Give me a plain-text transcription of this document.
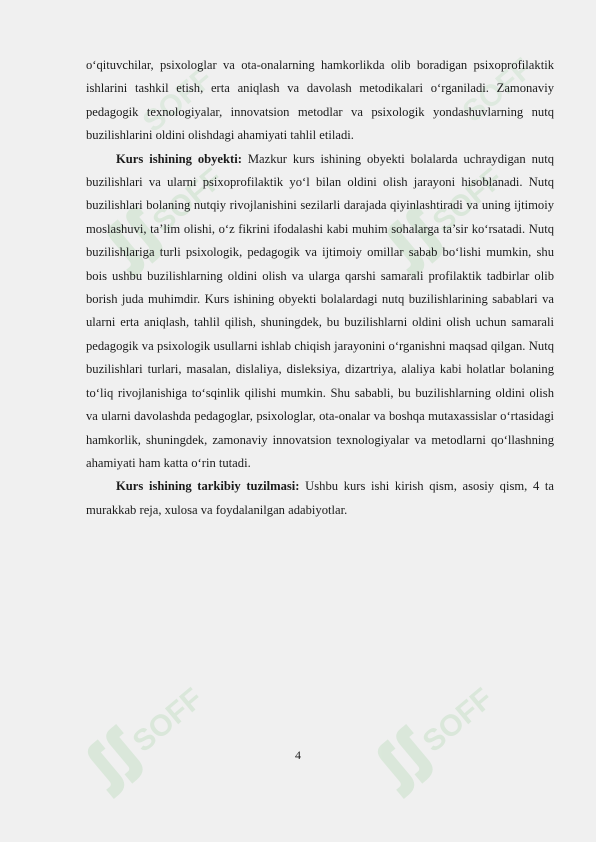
SOFF	SOFF
SOFF	SOFF
SOFF	SOFF

o‘qituvchilar, psixologlar va ota-onalarning hamkorlikda olib boradigan psixoprofilaktik ishlarini tashkil etish, erta aniqlash va davolash metodikalari o‘rganiladi. Zamonaviy pedagogik texnologiyalar, innovatsion metodlar va psixologik yondashuvlarning nutq buzilishlarini oldini olishdagi ahamiyati tahlil etiladi.

Kurs ishining obyekti: Mazkur kurs ishining obyekti bolalarda uchraydigan nutq buzilishlari va ularni psixoprofilaktik yo‘l bilan oldini olish jarayoni hisoblanadi. Nutq buzilishlari bolaning nutqiy rivojlanishini sezilarli darajada qiyinlashtiradi va uning ijtimoiy moslashuvi, ta’lim olishi, o‘z fikrini ifodalashi kabi muhim sohalarga ta’sir ko‘rsatadi. Nutq buzilishlariga turli psixologik, pedagogik va ijtimoiy omillar sabab bo‘lishi mumkin, shu bois ushbu buzilishlarning oldini olish va ularga qarshi samarali profilaktik tadbirlar olib borish juda muhimdir. Kurs ishining obyekti bolalardagi nutq buzilishlarining sabablari va ularni erta aniqlash, tahlil qilish, shuningdek, bu buzilishlarni oldini olish uchun samarali pedagogik va psixologik usullarni ishlab chiqish jarayonini o‘rganishni maqsad qilgan. Nutq buzilishlari turlari, masalan, dislaliya, disleksiya, dizartriya, alaliya kabi holatlar bolaning to‘liq rivojlanishiga to‘sqinlik qilishi mumkin. Shu sababli, bu buzilishlarning oldini olish va ularni davolashda pedagoglar, psixologlar, ota-onalar va boshqa mutaxassislar o‘rtasidagi hamkorlik, shuningdek, zamonaviy innovatsion texnologiyalar va metodlarni qo‘llashning ahamiyati ham katta o‘rin tutadi.

Kurs ishining tarkibiy tuzilmasi: Ushbu kurs ishi kirish qism, asosiy qism, 4 ta murakkab reja, xulosa va foydalanilgan adabiyotlar.

4
